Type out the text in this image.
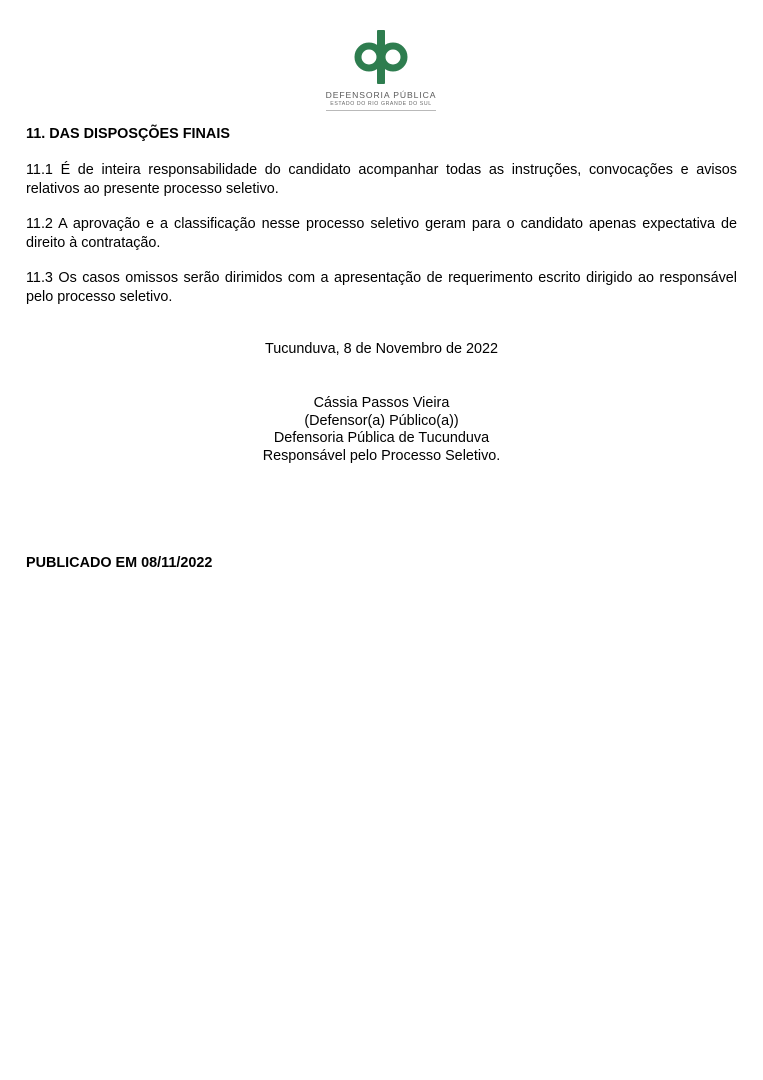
DEFENSORIA PÚBLICA
ESTADO DO RIO GRANDE DO SUL
11. DAS DISPOSÇÕES FINAIS
11.1 É de inteira responsabilidade do candidato acompanhar todas as instruções, convocações e avisos relativos ao presente processo seletivo.
11.2 A aprovação e a classificação nesse processo seletivo geram para o candidato apenas expectativa de direito à contratação.
11.3 Os casos omissos serão dirimidos com a apresentação de requerimento escrito dirigido ao responsável pelo processo seletivo.
Tucunduva, 8 de Novembro de 2022
Cássia Passos Vieira
(Defensor(a) Público(a))
Defensoria Pública de Tucunduva
Responsável pelo Processo Seletivo.
PUBLICADO EM 08/11/2022
